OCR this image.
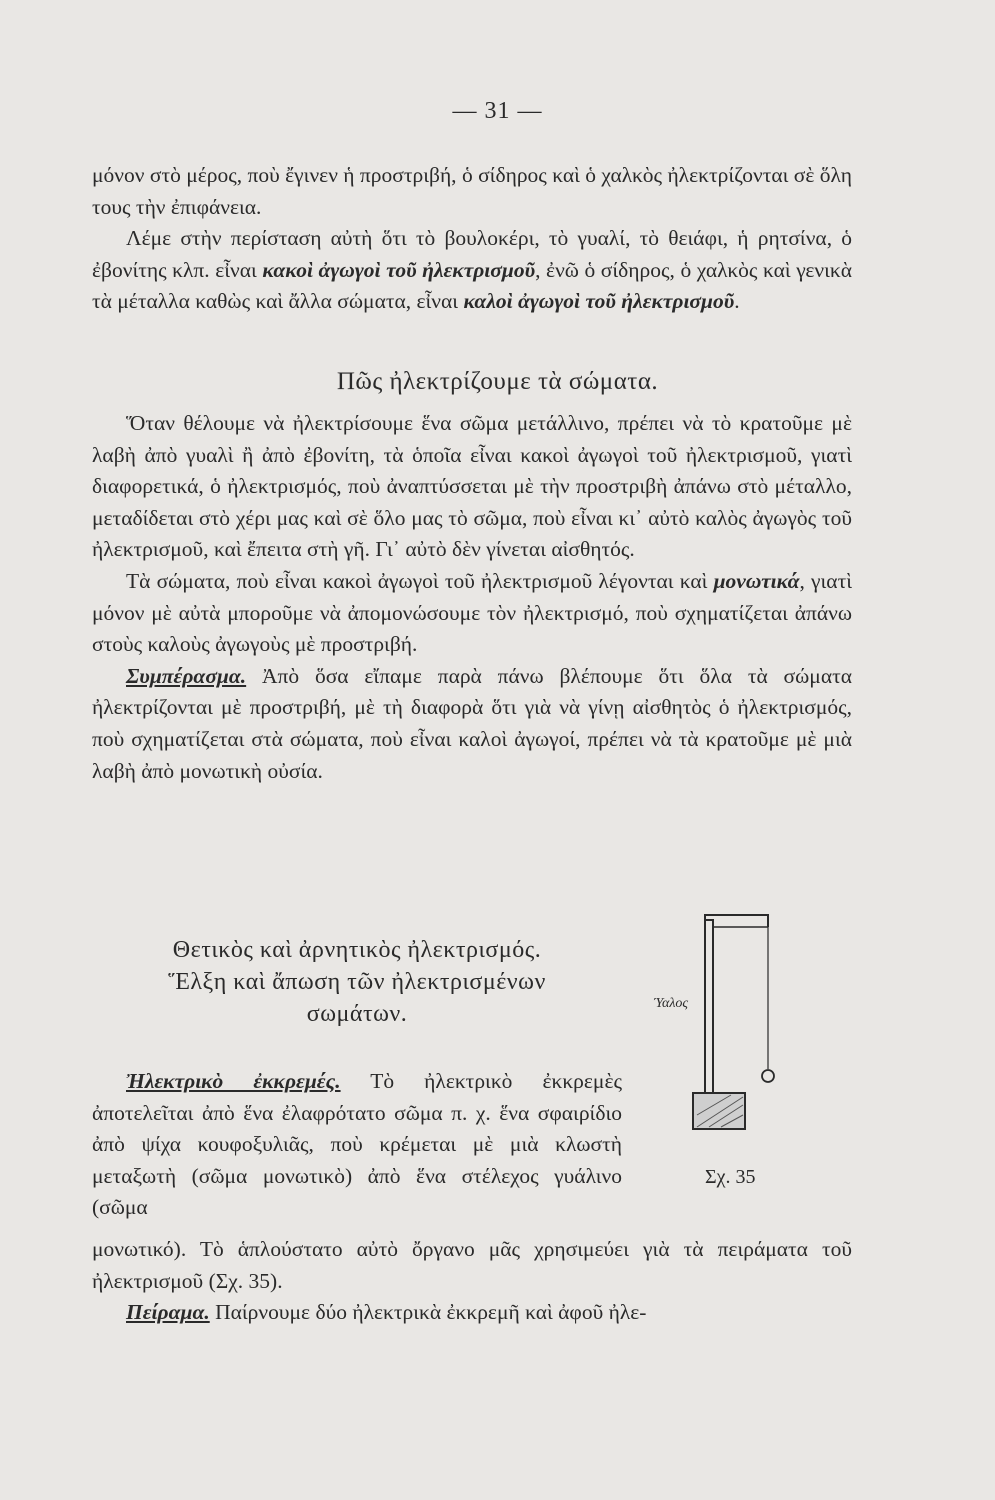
— 31 —

μόνον στὸ μέρος, ποὺ ἔγινεν ἡ προστριβή, ὁ σίδηρος καὶ ὁ χαλκὸς ἠλεκτρίζονται σὲ ὅλη τους τὴν ἐπιφάνεια.

Λέμε στὴν περίσταση αὐτὴ ὅτι τὸ βουλοκέρι, τὸ γυαλί, τὸ θειάφι, ἡ ρητσίνα, ὁ ἐβονίτης κλπ. εἶναι κακοὶ ἀγωγοὶ τοῦ ἠλεκτρισμοῦ, ἐνῶ ὁ σίδηρος, ὁ χαλκὸς καὶ γενικὰ τὰ μέταλλα καθὼς καὶ ἄλλα σώματα, εἶναι καλοὶ ἀγωγοὶ τοῦ ἠλεκτρισμοῦ.

Πῶς ἠλεκτρίζουμε τὰ σώματα.

Ὅταν θέλουμε νὰ ἠλεκτρίσουμε ἕνα σῶμα μετάλλινο, πρέπει νὰ τὸ κρατοῦμε μὲ λαβὴ ἀπὸ γυαλὶ ἢ ἀπὸ ἐβονίτη, τὰ ὁποῖα εἶναι κακοὶ ἀγωγοὶ τοῦ ἠλεκτρισμοῦ, γιατὶ διαφορετικά, ὁ ἠλεκτρισμός, ποὺ ἀναπτύσσεται μὲ τὴν προστριβὴ ἀπάνω στὸ μέταλλο, μεταδίδεται στὸ χέρι μας καὶ σὲ ὅλο μας τὸ σῶμα, ποὺ εἶναι κι᾿ αὐτὸ καλὸς ἀγωγὸς τοῦ ἠλεκτρισμοῦ, καὶ ἔπειτα στὴ γῆ. Γι᾿ αὐτὸ δὲν γίνεται αἰσθητός.

Τὰ σώματα, ποὺ εἶναι κακοὶ ἀγωγοὶ τοῦ ἠλεκτρισμοῦ λέγονται καὶ μονωτικά, γιατὶ μόνον μὲ αὐτὰ μποροῦμε νὰ ἀπομονώσουμε τὸν ἠλεκτρισμό, ποὺ σχηματίζεται ἀπάνω στοὺς καλοὺς ἀγωγοὺς μὲ προστριβή.

Συμπέρασμα. Ἀπὸ ὅσα εἴπαμε παρὰ πάνω βλέπουμε ὅτι ὅλα τὰ σώματα ἠλεκτρίζονται μὲ προστριβή, μὲ τὴ διαφορὰ ὅτι γιὰ νὰ γίνῃ αἰσθητὸς ὁ ἠλεκτρισμός, ποὺ σχηματίζεται στὰ σώματα, ποὺ εἶναι καλοὶ ἀγωγοί, πρέπει νὰ τὰ κρατοῦμε μὲ μιὰ λαβὴ ἀπὸ μονωτικὴ οὐσία.

Θετικὸς καὶ ἀρνητικὸς ἠλεκτρισμός.
Ἕλξη καὶ ἄπωση τῶν ἠλεκτρισμένων
σωμάτων.

Ἠλεκτρικὸ ἐκκρεμές. Τὸ ἠλεκτρικὸ ἐκκρεμὲς ἀποτελεῖται ἀπὸ ἕνα ἐλαφρότατο σῶμα π. χ. ἕνα σφαιρίδιο ἀπὸ ψίχα κουφοξυλιᾶς, ποὺ κρέμεται μὲ μιὰ κλωστὴ μεταξωτὴ (σῶμα μονωτικὸ) ἀπὸ ἕνα στέλεχος γυάλινο (σῶμα

μονωτικό). Τὸ ἁπλούστατο αὐτὸ ὄργανο μᾶς χρησιμεύει γιὰ τὰ πειράματα τοῦ ἠλεκτρισμοῦ (Σχ. 35).

Πείραμα. Παίρνουμε δύο ἠλεκτρικὰ ἐκκρεμῆ καὶ ἀφοῦ ἠλε-

Ύαλος
Σχ. 35
